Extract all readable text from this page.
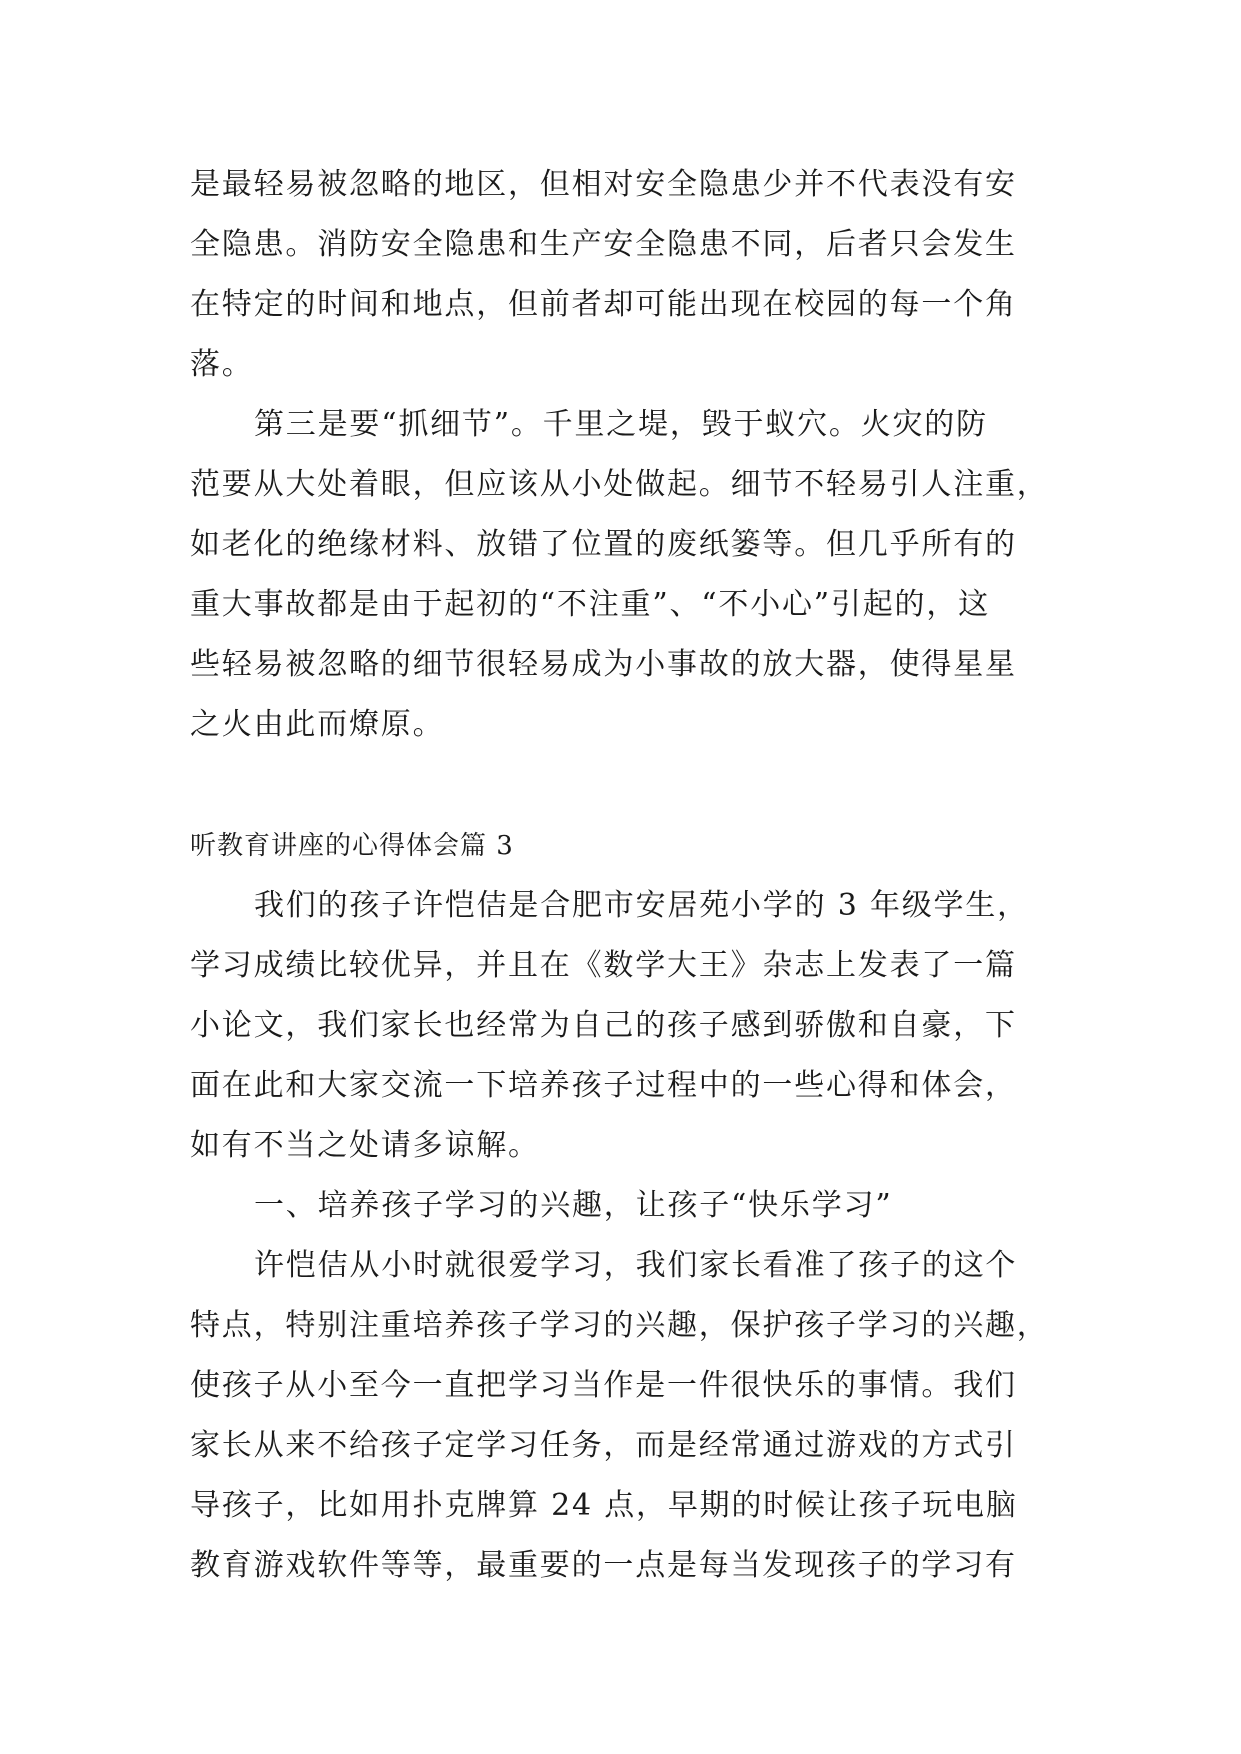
是最轻易被忽略的地区，但相对安全隐患少并不代表没有安
全隐患。消防安全隐患和生产安全隐患不同，后者只会发生
在特定的时间和地点，但前者却可能出现在校园的每一个角
落。
第三是要“抓细节”。千里之堤，毁于蚁穴。火灾的防
范要从大处着眼，但应该从小处做起。细节不轻易引人注重，
如老化的绝缘材料、放错了位置的废纸篓等。但几乎所有的
重大事故都是由于起初的“不注重”、“不小心”引起的，这
些轻易被忽略的细节很轻易成为小事故的放大器，使得星星
之火由此而燎原。
听教育讲座的心得体会篇 3
我们的孩子许恺佶是合肥市安居苑小学的 3 年级学生，
学习成绩比较优异，并且在《数学大王》杂志上发表了一篇
小论文，我们家长也经常为自己的孩子感到骄傲和自豪，下
面在此和大家交流一下培养孩子过程中的一些心得和体会，
如有不当之处请多谅解。
一、培养孩子学习的兴趣，让孩子“快乐学习”
许恺佶从小时就很爱学习，我们家长看准了孩子的这个
特点，特别注重培养孩子学习的兴趣，保护孩子学习的兴趣，
使孩子从小至今一直把学习当作是一件很快乐的事情。我们
家长从来不给孩子定学习任务，而是经常通过游戏的方式引
导孩子，比如用扑克牌算 24 点，早期的时候让孩子玩电脑
教育游戏软件等等，最重要的一点是每当发现孩子的学习有
